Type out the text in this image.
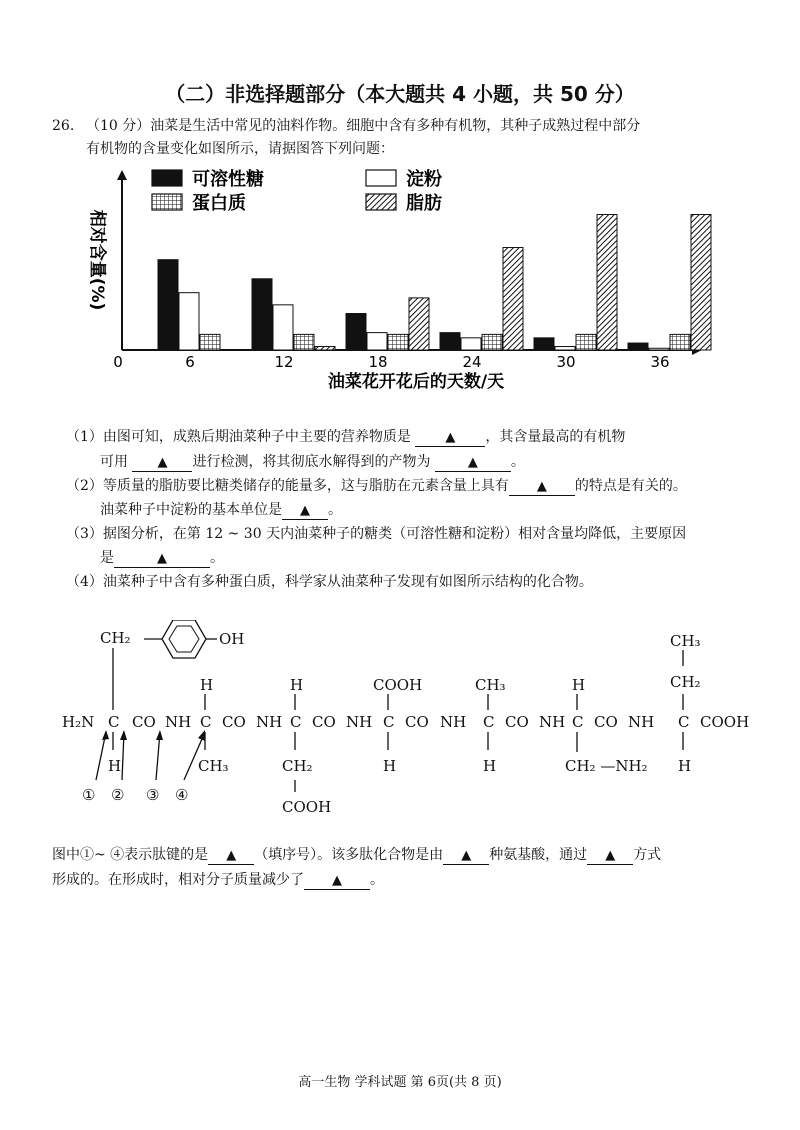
（二）非选择题部分（本大题共 4 小题，共 50 分）
26. （10 分）油菜是生活中常见的油料作物。细胞中含有多种有机物，其种子成熟过程中部分
有机物的含量变化如图所示，请据图答下列问题：
0	6	12	18	24	30	36
可溶性糖	淀粉
蛋白质	脂肪
相对含量(%)
油菜花开花后的天数/天
（1）由图可知，成熟后期油菜种子中主要的营养物质是	▲ ，其含量最高的有机物
可用 ▲ 进行检测，将其彻底水解得到的产物为	▲ 。
（2）等质量的脂肪要比糖类储存的能量多，这与脂肪在元素含量上具有 ▲ 的特点是有关的。
油菜种子中淀粉的基本单位是 ▲ 。
（3）据图分析，在第 12 ~ 30 天内油菜种子的糖类（可溶性糖和淀粉）相对含量均降低，主要原因
是	▲	。
（4）油菜种子中含有多种蛋白质，科学家从油菜种子发现有如图所示结构的化合物。
CH₂	OH	CH₃
CH₂
H	H	COOH	CH₃	H
H₂N C CO NH C CO NH C CO NH C CO NH C CO NH C CO NH C COOH
H	CH₃	CH₂
COOH
H	H	CH₂ —NH₂ H
① ② ③ ④
图中①~ ④表示肽键的是 ▲ （填序号）。该多肽化合物是由 ▲ 种氨基酸，通过 ▲ 方式
形成的。在形成时，相对分子质量减少了 ▲ 。
高一生物 学科试题 第 6页(共 8 页)
